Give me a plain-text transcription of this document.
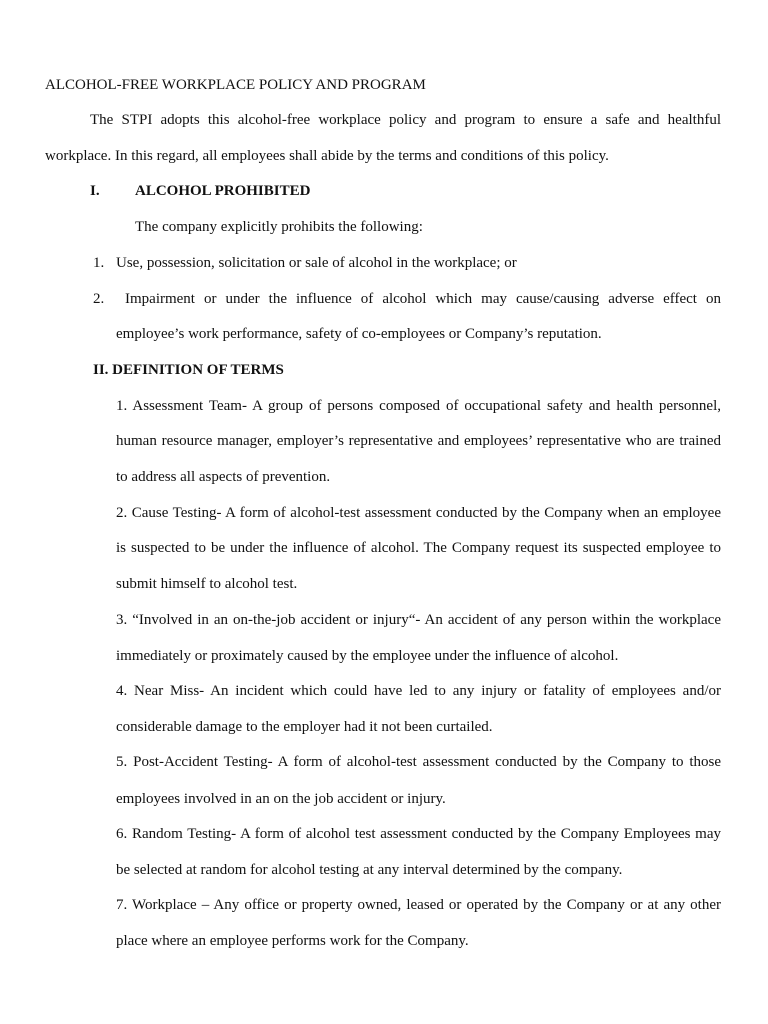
ALCOHOL-FREE WORKPLACE POLICY AND PROGRAM
The STPI adopts this alcohol-free workplace policy and program to ensure a safe and healthful
workplace. In this regard, all employees shall abide by the terms and conditions of this policy.
I. ALCOHOL PROHIBITED
The company explicitly prohibits the following:
1. Use, possession, solicitation or sale of alcohol in the workplace; or
2. Impairment or under the influence of alcohol which may cause/causing adverse effect on
employee’s work performance, safety of co-employees or Company’s reputation.
II. DEFINITION OF TERMS
1. Assessment Team- A group of persons composed of occupational safety and health personnel,
human resource manager, employer’s representative and employees’ representative who are trained
to address all aspects of prevention.
2. Cause Testing- A form of alcohol-test assessment conducted by the Company when an employee
is suspected to be under the influence of alcohol. The Company request its suspected employee to
submit himself to alcohol test.
3. “Involved in an on-the-job accident or injury“- An accident of any person within the workplace
immediately or proximately caused by the employee under the influence of alcohol.
4. Near Miss- An incident which could have led to any injury or fatality of employees and/or
considerable damage to the employer had it not been curtailed.
5. Post-Accident Testing- A form of alcohol-test assessment conducted by the Company to those
employees involved in an on the job accident or injury.
6. Random Testing- A form of alcohol test assessment conducted by the Company Employees may
be selected at random for alcohol testing at any interval determined by the company.
7. Workplace – Any office or property owned, leased or operated by the Company or at any other
place where an employee performs work for the Company.
